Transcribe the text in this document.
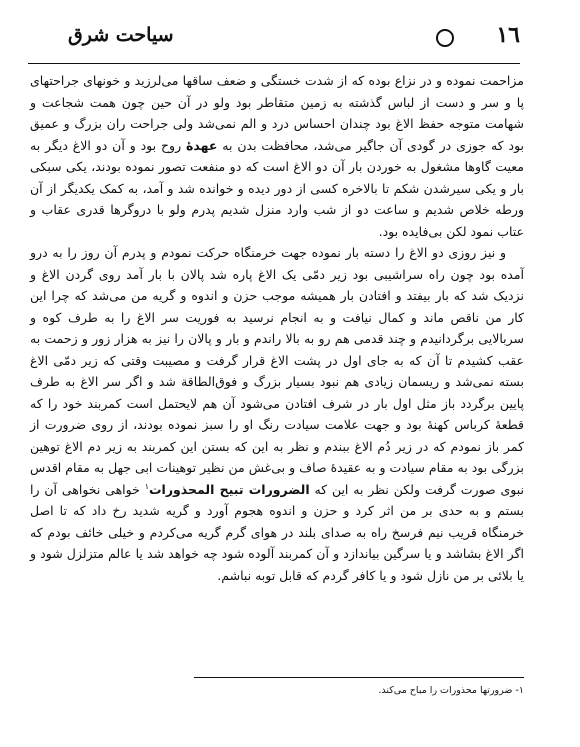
١٦
سیاحت شرق

مزاحمت نموده و در نزاع بوده که از شدت خستگی و ضعف ساقها می‌لرزید و خونهای جراحتهای پا و سر و دست از لباس گذشته به زمین متقاطر بود ولو در آن حین چون همت شجاعت و شهامت متوجه حفظ الاغ بود چندان احساس درد و الم نمی‌شد ولی جراحت ران بزرگ و عمیق بود که جوزی در گودی آن جاگیر می‌شد، محافظت بدن به عهدهٔ روح بود و آن دو الاغ دیگر به معیت گاوها مشغول به خوردن بار آن دو الاغ است که دو منفعت تصور نموده بودند، یکی سبکی بار و یکی سیرشدن شکم تا بالاخره کسی از دور دیده و خوانده شد و آمد، به کمک یکدیگر از آن ورطه خلاص شدیم و ساعت دو از شب وارد منزل شدیم پدرم ولو با دروگرها قدری عقاب و عتاب نمود لکن بی‌فایده بود.

و نیز روزی دو الاغ را دسته بار نموده جهت خرمنگاه حرکت نمودم و پدرم آن روز را به درو آمده بود چون راه سراشیبی بود زیر دمّی یک الاغ پاره شد پالان با بار آمد روی گردن الاغ و نزدیک شد که بار بیفتد و افتادن بار همیشه موجب حزن و اندوه و گریه من می‌شد که چرا این کار من ناقص ماند و کمال نیافت و به انجام نرسید به فوریت سر الاغ را به طرف کوه و سربالایی برگردانیدم و چند قدمی هم رو به بالا راندم و بار و پالان را نیز به هزار زور و زحمت به عقب کشیدم تا آن که به جای اول در پشت الاغ قرار گرفت و مصیبت وقتی که زیر دمّی الاغ بسته نمی‌شد و ریسمان زیادی هم نبود بسیار بزرگ و فوق‌الطاقة شد و اگر سر الاغ به طرف پایین برگردد باز مثل اول بار در شرف افتادن می‌شود آن هم لایحتمل است کمربند خود را که قطعهٔ کرباس کهنهٔ بود و جهت علامت سیادت رنگ او را سبز نموده بودند، از روی ضرورت از کمر باز نمودم که در زیر دُم الاغ ببندم و نظر به این که بستن این کمربند به زیر دم الاغ توهین بزرگی بود به مقام سیادت و به عقیدهٔ صاف و بی‌غش من نظیر توهینات ابی جهل به مقام اقدس نبوی صورت گرفت ولکن نظر به این که الضرورات تبیح المحذورات$^۱$ خواهی نخواهی آن را بستم و به حدی بر من اثر کرد و حزن و اندوه هجوم آورد و گریه شدید رخ داد که تا اصل خرمنگاه قریب نیم فرسخ راه به صدای بلند در هوای گرم گریه می‌کردم و خیلی خائف بودم که اگر الاغ بشاشد و یا سرگین بیاندازد و آن کمربند آلوده شود چه خواهد شد یا عالم متزلزل شود و یا بلائی بر من نازل شود و یا کافر گردم که قابل توبه نباشم.

۱- ضرورتها محذورات را مباح می‌کند.
